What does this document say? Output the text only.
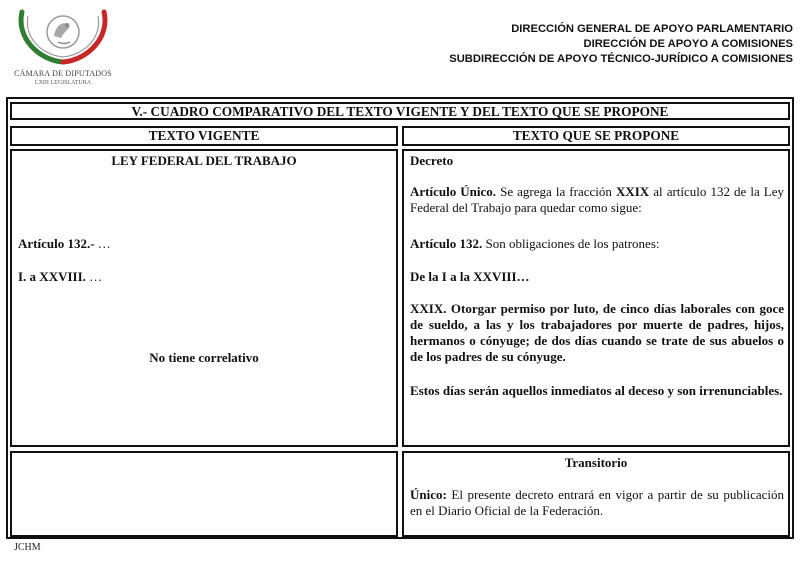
CÁMARA DE DIPUTADOS
LXIII LEGISLATURA
DIRECCIÓN GENERAL DE APOYO PARLAMENTARIO
DIRECCIÓN DE APOYO A COMISIONES
SUBDIRECCIÓN DE APOYO TÉCNICO-JURÍDICO A COMISIONES
V.- CUADRO COMPARATIVO DEL TEXTO VIGENTE Y DEL TEXTO QUE SE PROPONE
TEXTO VIGENTE	TEXTO QUE SE PROPONE
LEY FEDERAL DEL TRABAJO
Artículo 132.- …
I. a XXVIII. …
No tiene correlativo
Decreto
Artículo Único. Se agrega la fracción XXIX al artículo 132 de la Ley Federal del Trabajo para quedar como sigue:
Artículo 132. Son obligaciones de los patrones:
De la I a la XXVIII…
XXIX. Otorgar permiso por luto, de cinco días laborales con goce de sueldo, a las y los trabajadores por muerte de padres, hijos, hermanos o cónyuge; de dos días cuando se trate de sus abuelos o de los padres de su cónyuge.
Estos días serán aquellos inmediatos al deceso y son irrenunciables.
Transitorio
Único: El presente decreto entrará en vigor a partir de su publicación en el Diario Oficial de la Federación.
JCHM
